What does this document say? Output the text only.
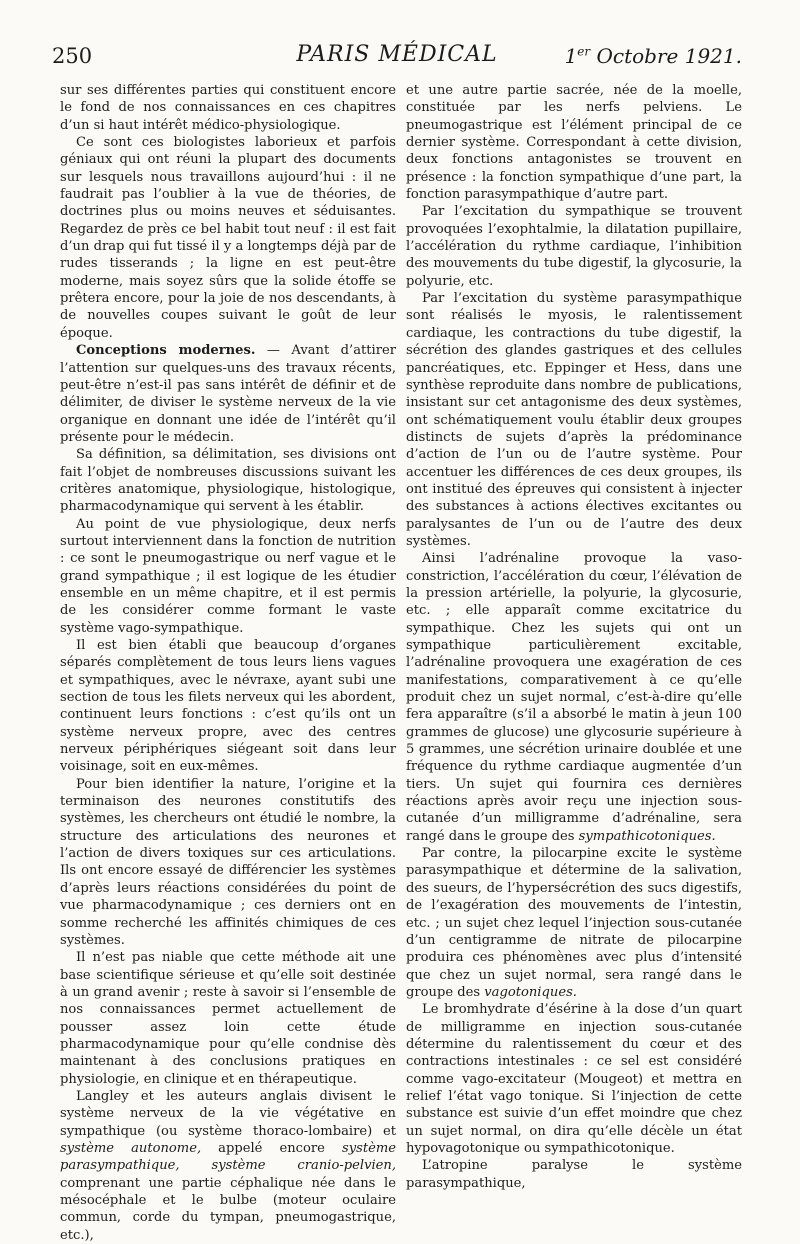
250	PARIS MÉDICAL	1er Octobre 1921.

sur ses différentes parties qui constituent encore le fond de nos connaissances en ces chapitres d’un si haut intérêt médico-physiologique.

Ce sont ces biologistes laborieux et parfois géniaux qui ont réuni la plupart des documents sur lesquels nous travaillons aujourd’hui : il ne faudrait pas l’oublier à la vue de théories, de doctrines plus ou moins neuves et séduisantes. Regardez de près ce bel habit tout neuf : il est fait d’un drap qui fut tissé il y a longtemps déjà par de rudes tisserands ; la ligne en est peut-être moderne, mais soyez sûrs que la solide étoffe se prêtera encore, pour la joie de nos descendants, à de nouvelles coupes suivant le goût de leur époque.

Conceptions modernes. — Avant d’attirer l’attention sur quelques-uns des travaux récents, peut-être n’est-il pas sans intérêt de définir et de délimiter, de diviser le système nerveux de la vie organique en donnant une idée de l’intérêt qu’il présente pour le médecin.

Sa définition, sa délimitation, ses divisions ont fait l’objet de nombreuses discussions suivant les critères anatomique, physiologique, histologique, pharmacodynamique qui servent à les établir.

Au point de vue physiologique, deux nerfs surtout interviennent dans la fonction de nutrition : ce sont le pneumogastrique ou nerf vague et le grand sympathique ; il est logique de les étudier ensemble en un même chapitre, et il est permis de les considérer comme formant le vaste système vago-sympathique.

Il est bien établi que beaucoup d’organes séparés complètement de tous leurs liens vagues et sympathiques, avec le névraxe, ayant subi une section de tous les filets nerveux qui les abordent, continuent leurs fonctions : c’est qu’ils ont un système nerveux propre, avec des centres nerveux périphériques siégeant soit dans leur voisinage, soit en eux-mêmes.

Pour bien identifier la nature, l’origine et la terminaison des neurones constitutifs des systèmes, les chercheurs ont étudié le nombre, la structure des articulations des neurones et l’action de divers toxiques sur ces articulations. Ils ont encore essayé de différencier les systèmes d’après leurs réactions considérées du point de vue pharmacodynamique ; ces derniers ont en somme recherché les affinités chimiques de ces systèmes.

Il n’est pas niable que cette méthode ait une base scientifique sérieuse et qu’elle soit destinée à un grand avenir ; reste à savoir si l’ensemble de nos connaissances permet actuellement de pousser assez loin cette étude pharmacodynamique pour qu’elle condnise dès maintenant à des conclusions pratiques en physiologie, en clinique et en thérapeutique.

Langley et les auteurs anglais divisent le système nerveux de la vie végétative en sympathique (ou système thoraco-lombaire) et système autonome, appelé encore système parasympathique, système cranio-pelvien, comprenant une partie céphalique née dans le mésocéphale et le bulbe (moteur oculaire commun, corde du tympan, pneumogastrique, etc.),

et une autre partie sacrée, née de la moelle, constituée par les nerfs pelviens. Le pneumogastrique est l’élément principal de ce dernier système. Correspondant à cette division, deux fonctions antagonistes se trouvent en présence : la fonction sympathique d’une part, la fonction parasympathique d’autre part.

Par l’excitation du sympathique se trouvent provoquées l’exophtalmie, la dilatation pupillaire, l’accélération du rythme cardiaque, l’inhibition des mouvements du tube digestif, la glycosurie, la polyurie, etc.

Par l’excitation du système parasympathique sont réalisés le myosis, le ralentissement cardiaque, les contractions du tube digestif, la sécrétion des glandes gastriques et des cellules pancréatiques, etc. Eppinger et Hess, dans une synthèse reproduite dans nombre de publications, insistant sur cet antagonisme des deux systèmes, ont schématiquement voulu établir deux groupes distincts de sujets d’après la prédominance d’action de l’un ou de l’autre système. Pour accentuer les différences de ces deux groupes, ils ont institué des épreuves qui consistent à injecter des substances à actions électives excitantes ou paralysantes de l’un ou de l’autre des deux systèmes.

Ainsi l’adrénaline provoque la vaso-constriction, l’accélération du cœur, l’élévation de la pression artérielle, la polyurie, la glycosurie, etc. ; elle apparaît comme excitatrice du sympathique. Chez les sujets qui ont un sympathique particulièrement excitable, l’adrénaline provoquera une exagération de ces manifestations, comparativement à ce qu’elle produit chez un sujet normal, c’est-à-dire qu’elle fera apparaître (s’il a absorbé le matin à jeun 100 grammes de glucose) une glycosurie supérieure à 5 grammes, une sécrétion urinaire doublée et une fréquence du rythme cardiaque augmentée d’un tiers. Un sujet qui fournira ces dernières réactions après avoir reçu une injection sous-cutanée d’un milligramme d’adrénaline, sera rangé dans le groupe des sympathicotoniques.

Par contre, la pilocarpine excite le système parasympathique et détermine de la salivation, des sueurs, de l’hypersécrétion des sucs digestifs, de l’exagération des mouvements de l’intestin, etc. ; un sujet chez lequel l’injection sous-cutanée d’un centigramme de nitrate de pilocarpine produira ces phénomènes avec plus d’intensité que chez un sujet normal, sera rangé dans le groupe des vagotoniques.

Le bromhydrate d’ésérine à la dose d’un quart de milligramme en injection sous-cutanée détermine du ralentissement du cœur et des contractions intestinales : ce sel est considéré comme vago-excitateur (Mougeot) et mettra en relief l’état vago tonique. Si l’injection de cette substance est suivie d’un effet moindre que chez un sujet normal, on dira qu’elle décèle un état hypovagotonique ou sympathicotonique.

L’atropine paralyse le système parasympathique,
